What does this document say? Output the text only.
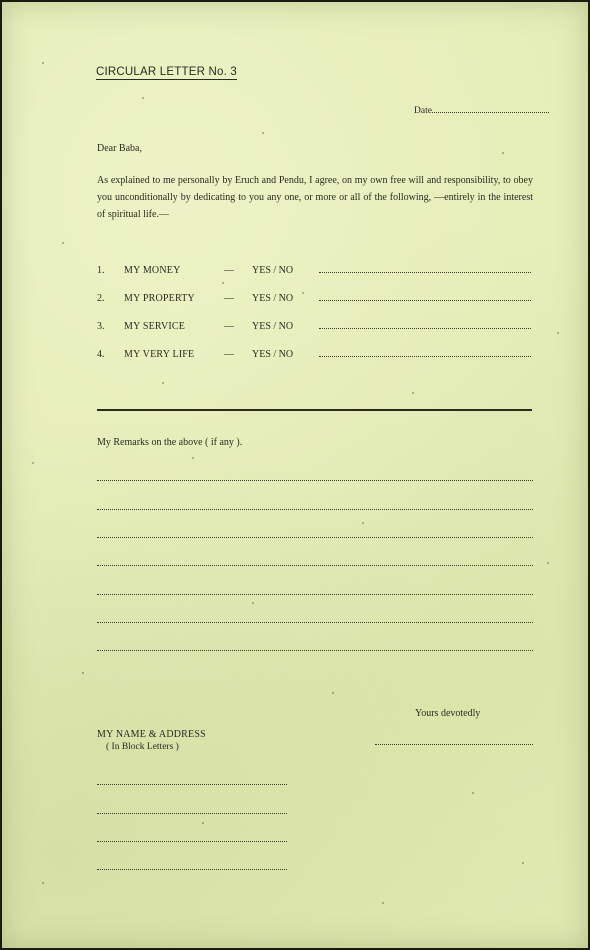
CIRCULAR LETTER No. 3
Date
Dear Baba,
As explained to me personally by Eruch and Pendu, I agree, on my own free will and responsibility, to obey you unconditionally by dedicating to you any one, or more or all of the following, —entirely in the interest of spiritual life.—
1. MY MONEY	— YES / NO
2. MY PROPERTY	— YES / NO
3. MY SERVICE	— YES / NO
4. MY VERY LIFE	— YES / NO
My Remarks on the above ( if any ).
Yours devotedly
MY NAME & ADDRESS
( In Block Letters )
